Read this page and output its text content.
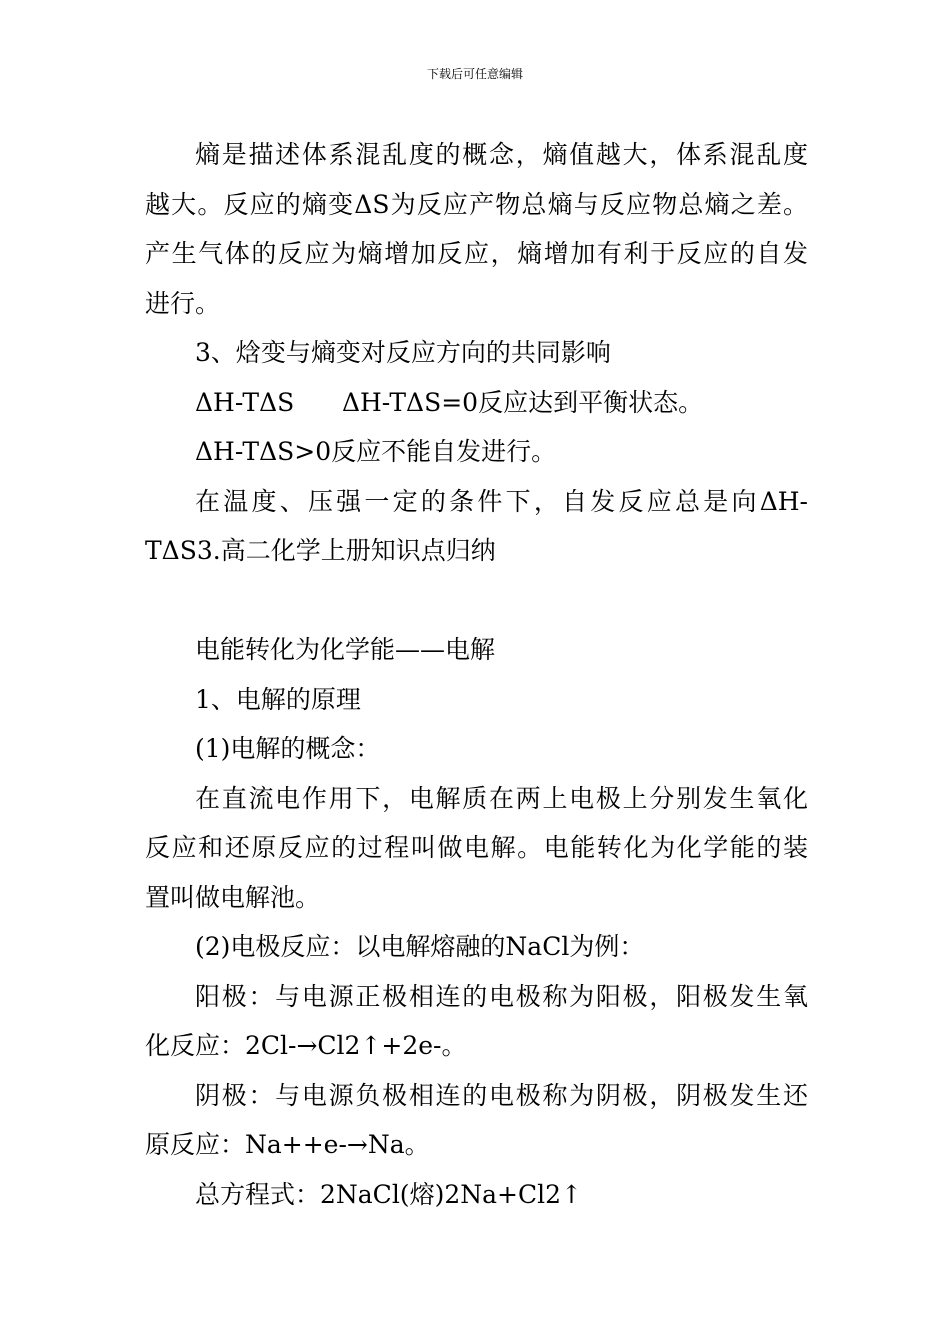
下载后可任意编辑
熵是描述体系混乱度的概念，熵值越大，体系混乱度
越大。反应的熵变ΔS为反应产物总熵与反应物总熵之差。
产生气体的反应为熵增加反应，熵增加有利于反应的自发
进行。
3、焓变与熵变对反应方向的共同影响
ΔH-TΔS      ΔH-TΔS=0反应达到平衡状态。
ΔH-TΔS>0反应不能自发进行。
在温度、压强一定的条件下，自发反应总是向ΔH-
TΔS3.高二化学上册知识点归纳
电能转化为化学能——电解
1、电解的原理
(1)电解的概念：
在直流电作用下，电解质在两上电极上分别发生氧化
反应和还原反应的过程叫做电解。电能转化为化学能的装
置叫做电解池。
(2)电极反应：以电解熔融的NaCl为例：
阳极：与电源正极相连的电极称为阳极，阳极发生氧
化反应：2Cl-→Cl2↑+2e-。
阴极：与电源负极相连的电极称为阴极，阴极发生还
原反应：Na++e-→Na。
总方程式：2NaCl(熔)2Na+Cl2↑
